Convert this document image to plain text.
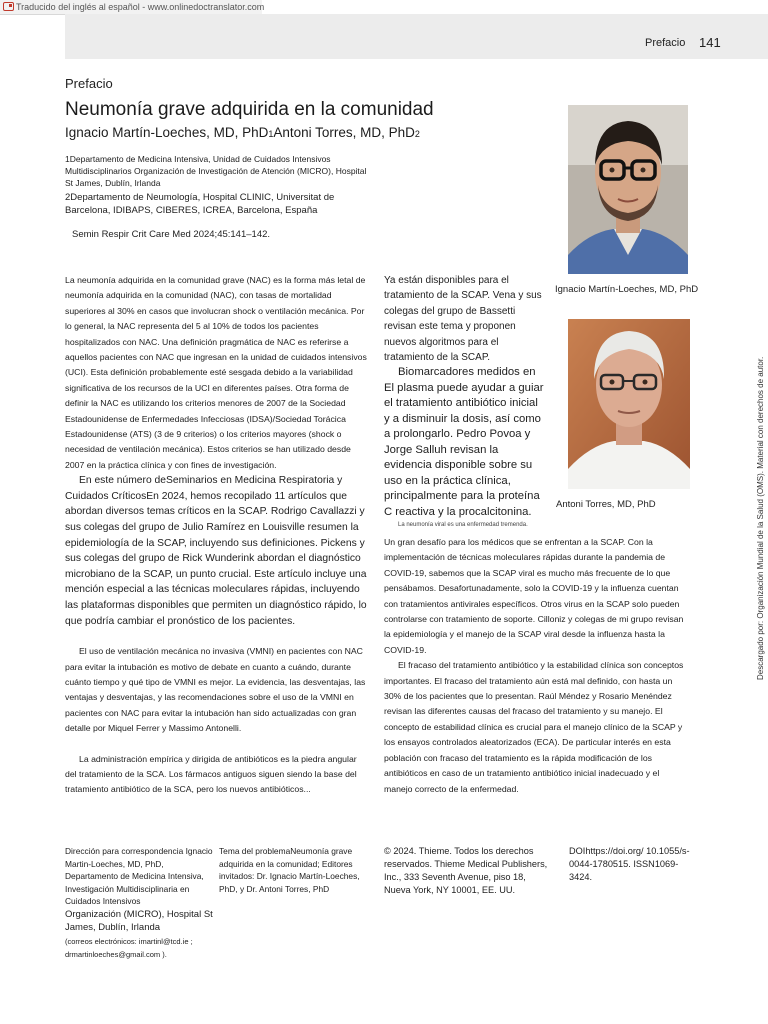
Traducido del inglés al español - www.onlinedoctranslator.com
Prefacio 141
Prefacio
Neumonía grave adquirida en la comunidad
Ignacio Martín-Loeches, MD, PhD1Antoni Torres, MD, PhD2
1Departamento de Medicina Intensiva, Unidad de Cuidados Intensivos Multidisciplinarios Organización de Investigación de Atención (MICRO), Hospital St James, Dublín, Irlanda
2Departamento de Neumología, Hospital CLINIC, Universitat de Barcelona, IDIBAPS, CIBERES, ICREA, Barcelona, España
Semin Respir Crit Care Med 2024;45:141–142.

La neumonía adquirida en la comunidad grave (NAC) es la forma más letal de neumonía adquirida en la comunidad (NAC), con tasas de mortalidad superiores al 30% en casos que involucran shock o ventilación mecánica. Por lo general, la NAC representa del 5 al 10% de todos los pacientes hospitalizados con NAC. Una definición pragmática de NAC es referirse a aquellos pacientes con NAC que ingresan en la unidad de cuidados intensivos (UCI). Esta definición probablemente esté sesgada debido a la variabilidad significativa de los recursos de la UCI en diferentes países. Otra forma de definir la NAC es utilizando los criterios menores de 2007 de la Sociedad Estadounidense de Enfermedades Infecciosas (IDSA)/Sociedad Torácica Estadounidense (ATS) (3 de 9 criterios) o los criterios mayores (shock o necesidad de ventilación mecánica). Estos criterios se han utilizado desde 2007 en la práctica clínica y con fines de investigación.

En este número deSeminarios en Medicina Respiratoria y Cuidados CríticosEn 2024, hemos recopilado 11 artículos que abordan diversos temas críticos en la SCAP. Rodrigo Cavallazzi y sus colegas del grupo de Julio Ramírez en Louisville resumen la epidemiología de la SCAP, incluyendo sus definiciones. Pickens y sus colegas del grupo de Rick Wunderink abordan el diagnóstico microbiano de la SCAP, un punto crucial. Este artículo incluye una mención especial a las técnicas moleculares rápidas, incluyendo las plataformas disponibles que permiten un diagnóstico rápido, lo que podría cambiar el pronóstico de los pacientes.

El uso de ventilación mecánica no invasiva (VMNI) en pacientes con NAC para evitar la intubación es motivo de debate en cuanto a cuándo, durante cuánto tiempo y qué tipo de VMNI es mejor. La evidencia, las desventajas, las ventajas y desventajas, y las recomendaciones sobre el uso de la VMNI en pacientes con NAC para evitar la intubación han sido actualizadas con gran detalle por Miquel Ferrer y Massimo Antonelli.

La administración empírica y dirigida de antibióticos es la piedra angular del tratamiento de la SCA. Los fármacos antiguos siguen siendo la base del tratamiento antibiótico de la SCA, pero los nuevos antibióticos...

Ya están disponibles para el tratamiento de la SCAP. Vena y sus colegas del grupo de Bassetti revisan este tema y proponen nuevos algoritmos para el tratamiento de la SCAP.

Biomarcadores medidos en El plasma puede ayudar a guiar el tratamiento antibiótico inicial y a disminuir la dosis, así como a prolongarlo. Pedro Povoa y Jorge Salluh revisan la evidencia disponible sobre su uso en la práctica clínica, principalmente para la proteína C reactiva y la procalcitonina.

La neumonía viral es una enfermedad tremenda.

Un gran desafío para los médicos que se enfrentan a la SCAP. Con la implementación de técnicas moleculares rápidas durante la pandemia de COVID-19, sabemos que la SCAP viral es mucho más frecuente de lo que pensábamos. Desafortunadamente, solo la COVID-19 y la influenza cuentan con tratamientos antivirales específicos. Otros virus en la SCAP solo pueden controlarse con tratamiento de soporte. Cilloniz y colegas de mi grupo revisan la epidemiología y el manejo de la SCAP viral desde la influenza hasta la COVID-19.

El fracaso del tratamiento antibiótico y la estabilidad clínica son conceptos importantes. El fracaso del tratamiento aún está mal definido, con hasta un 30% de los pacientes que lo presentan. Raúl Méndez y Rosario Menéndez revisan las diferentes causas del fracaso del tratamiento y su manejo. El concepto de estabilidad clínica es crucial para el manejo clínico de la SCAP y los ensayos controlados aleatorizados (ECA). De particular interés en esta población con fracaso del tratamiento es la rápida modificación de los antibióticos en caso de un tratamiento antibiótico inicial inadecuado y el manejo correcto de la enfermedad.

Ignacio Martín-Loeches, MD, PhD
Antoni Torres, MD, PhD	Descargado por: Organización Mundial de la Salud (OMS). Material con derechos de autor.
Dirección para correspondencia Ignacio Martin-Loeches, MD, PhD, Departamento de Medicina Intensiva, Investigación Multidisciplinaria en Cuidados Intensivos
Tema del problemaNeumonía grave adquirida en la comunidad; Editores invitados: Dr. Ignacio Martín-Loeches, PhD, y Dr. Antoni Torres, PhD
© 2024. Thieme. Todos los derechos reservados. Thieme Medical Publishers, Inc., 333 Seventh Avenue, piso 18, Nueva York, NY 10001, EE. UU.
DOIhttps://doi.org/ 10.1055/s-0044-1780515. ISSN1069-3424.
Organización (MICRO), Hospital St James, Dublín, Irlanda
(correos electrónicos: imartinl@tcd.ie ; drmartinloeches@gmail.com ).
